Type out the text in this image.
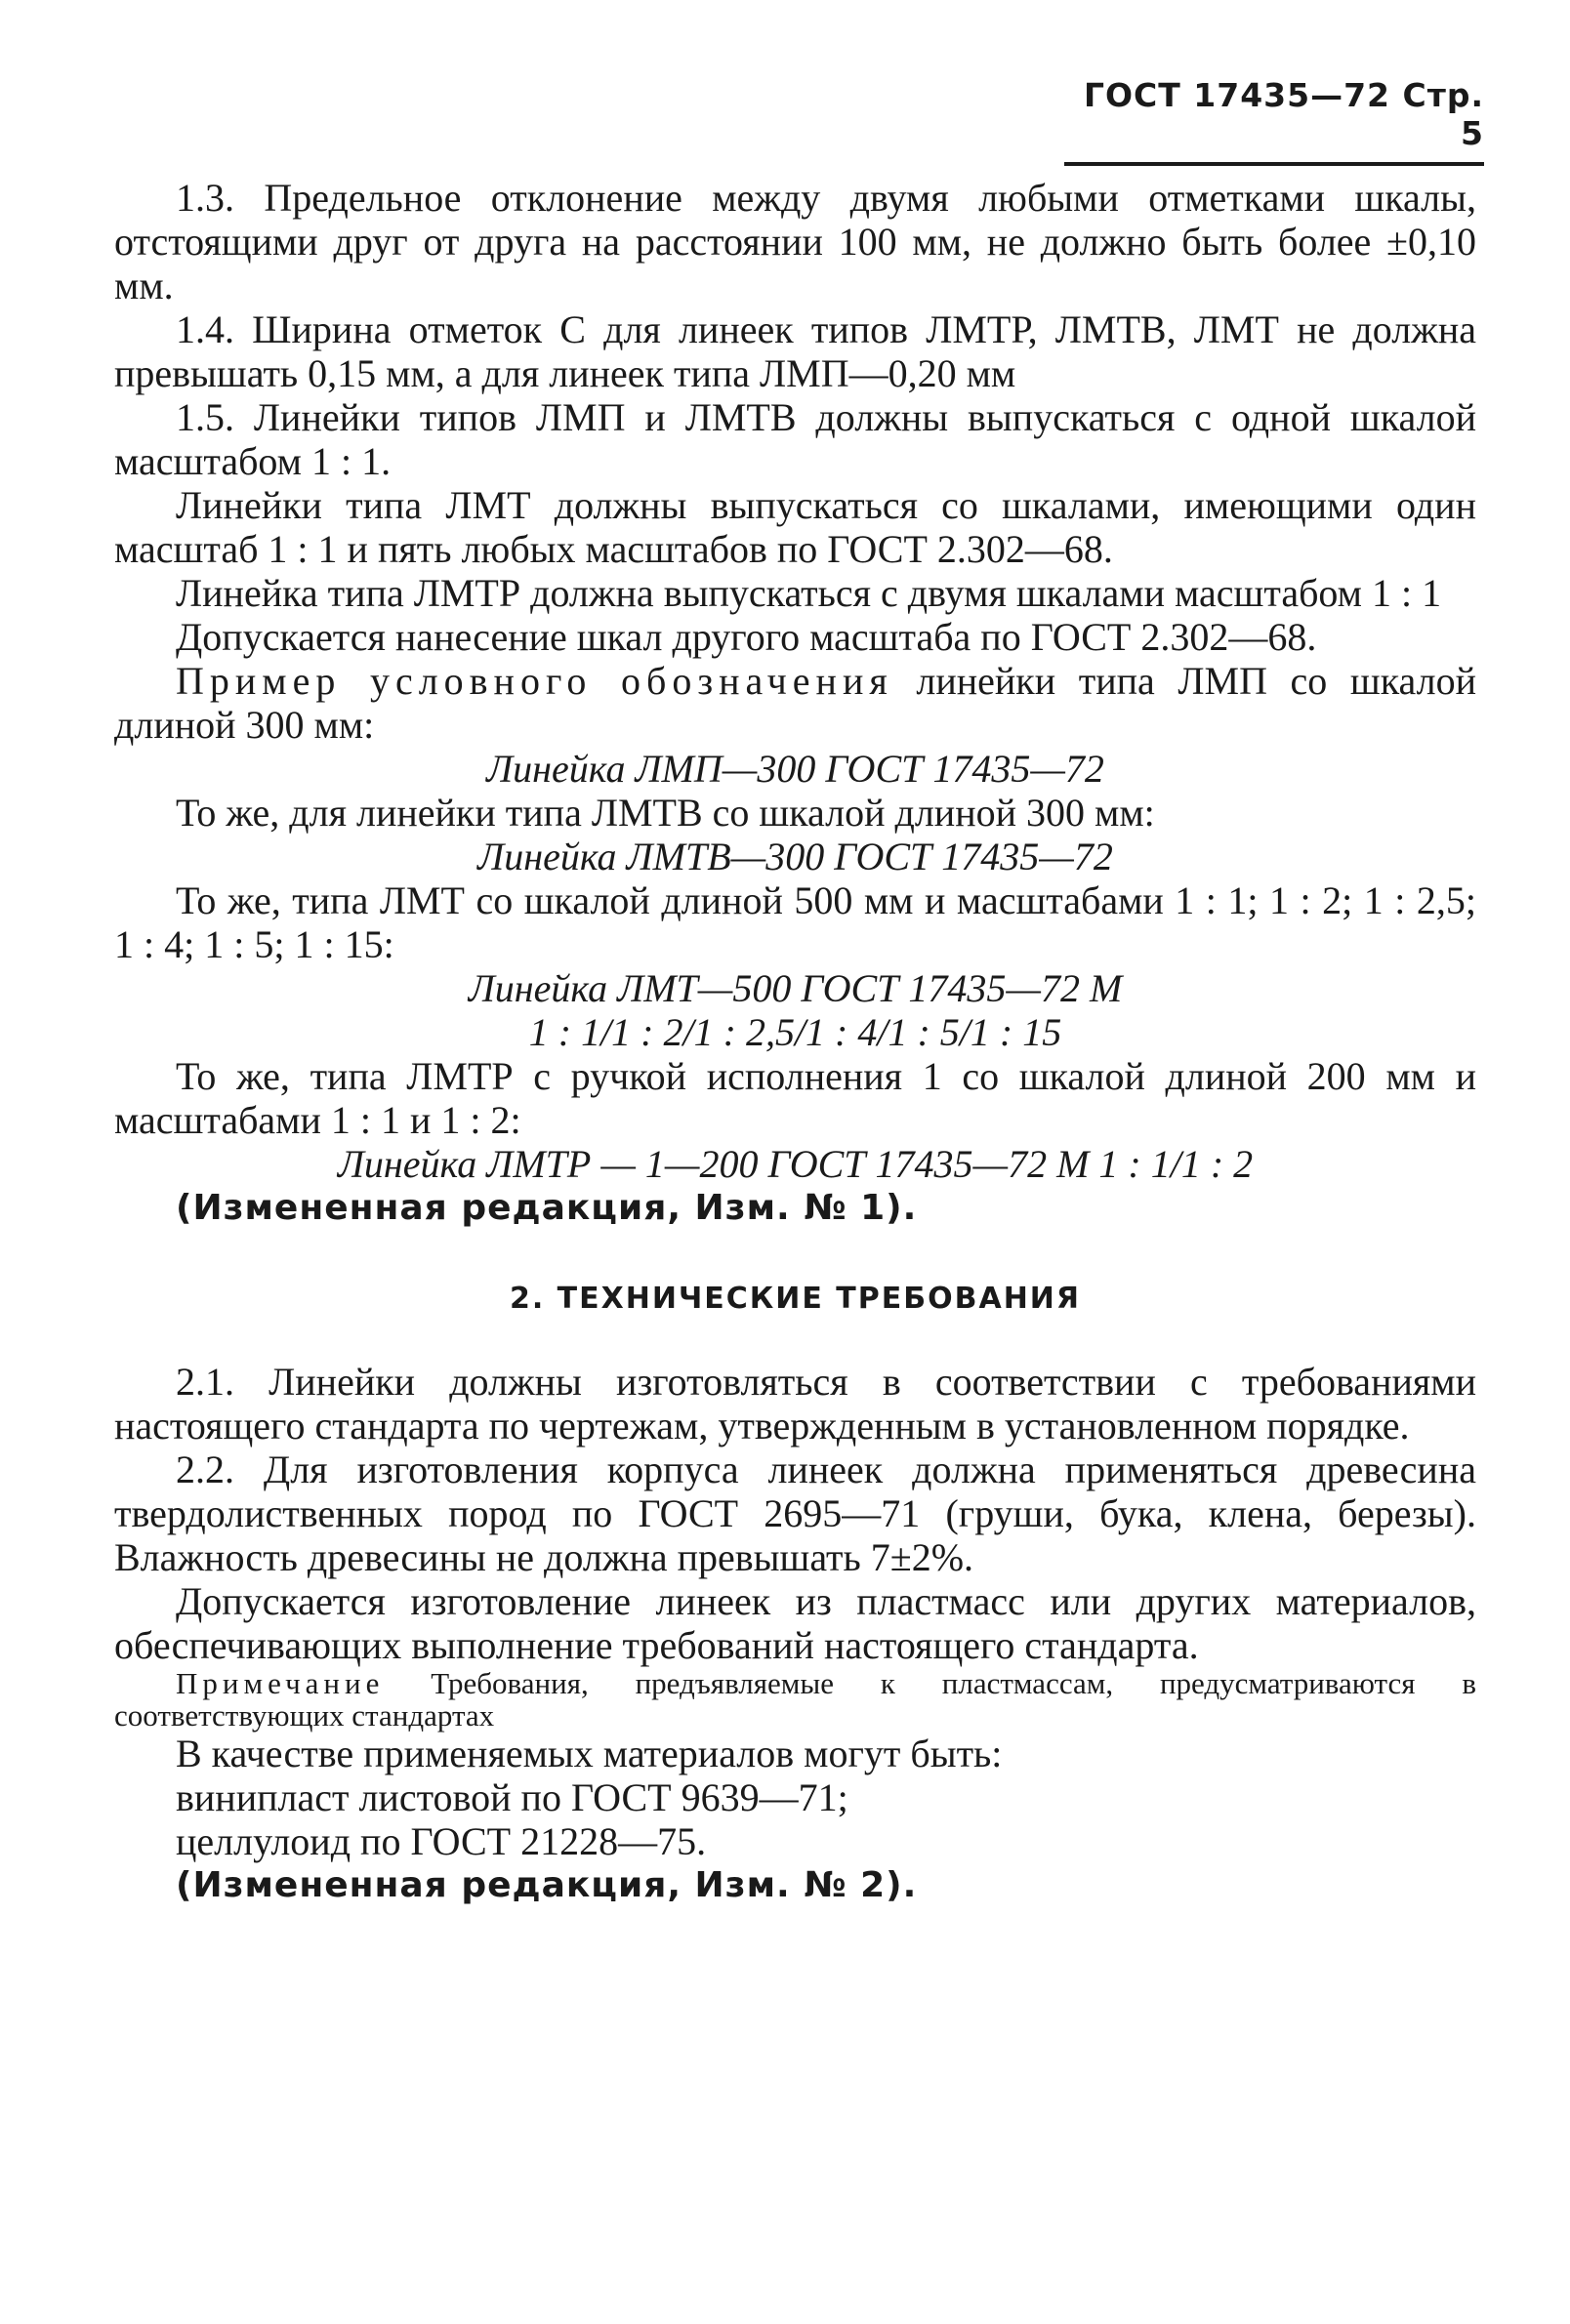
ГОСТ 17435—72 Стр. 5

1.3. Предельное отклонение между двумя любыми отметками шкалы, отстоящими друг от друга на расстоянии 100 мм, не должно быть более ±0,10 мм.

1.4. Ширина отметок С для линеек типов ЛМТР, ЛМТВ, ЛМТ не должна превышать 0,15 мм, а для линеек типа ЛМП—0,20 мм

1.5. Линейки типов ЛМП и ЛМТВ должны выпускаться с одной шкалой масштабом 1 : 1.

Линейки типа ЛМТ должны выпускаться со шкалами, имеющими один масштаб 1 : 1 и пять любых масштабов по ГОСТ 2.302—68.

Линейка типа ЛМТР должна выпускаться с двумя шкалами масштабом 1 : 1

Допускается нанесение шкал другого масштаба по ГОСТ 2.302—68.

Пример условного обозначения линейки типа ЛМП со шкалой длиной 300 мм:

Линейка ЛМП—300 ГОСТ 17435—72

То же, для линейки типа ЛМТВ со шкалой длиной 300 мм:

Линейка ЛМТВ—300 ГОСТ 17435—72

То же, типа ЛМТ со шкалой длиной 500 мм и масштабами 1 : 1; 1 : 2; 1 : 2,5; 1 : 4; 1 : 5; 1 : 15:

Линейка ЛМТ—500 ГОСТ 17435—72 М

1 : 1/1 : 2/1 : 2,5/1 : 4/1 : 5/1 : 15

То же, типа ЛМТР с ручкой исполнения 1 со шкалой длиной 200 мм и масштабами 1 : 1 и 1 : 2:

Линейка ЛМТР — 1—200 ГОСТ 17435—72 М 1 : 1/1 : 2

(Измененная редакция, Изм. № 1).

2. ТЕХНИЧЕСКИЕ ТРЕБОВАНИЯ

2.1. Линейки должны изготовляться в соответствии с требованиями настоящего стандарта по чертежам, утвержденным в установленном порядке.

2.2. Для изготовления корпуса линеек должна применяться древесина твердолиственных пород по ГОСТ 2695—71 (груши, бука, клена, березы). Влажность древесины не должна превышать 7±2%.

Допускается изготовление линеек из пластмасс или других материалов, обеспечивающих выполнение требований настоящего стандарта.

Примечание Требования, предъявляемые к пластмассам, предусматриваются в соответствующих стандартах

В качестве применяемых материалов могут быть:

винипласт листовой по ГОСТ 9639—71;

целлулоид по ГОСТ 21228—75.

(Измененная редакция, Изм. № 2).
